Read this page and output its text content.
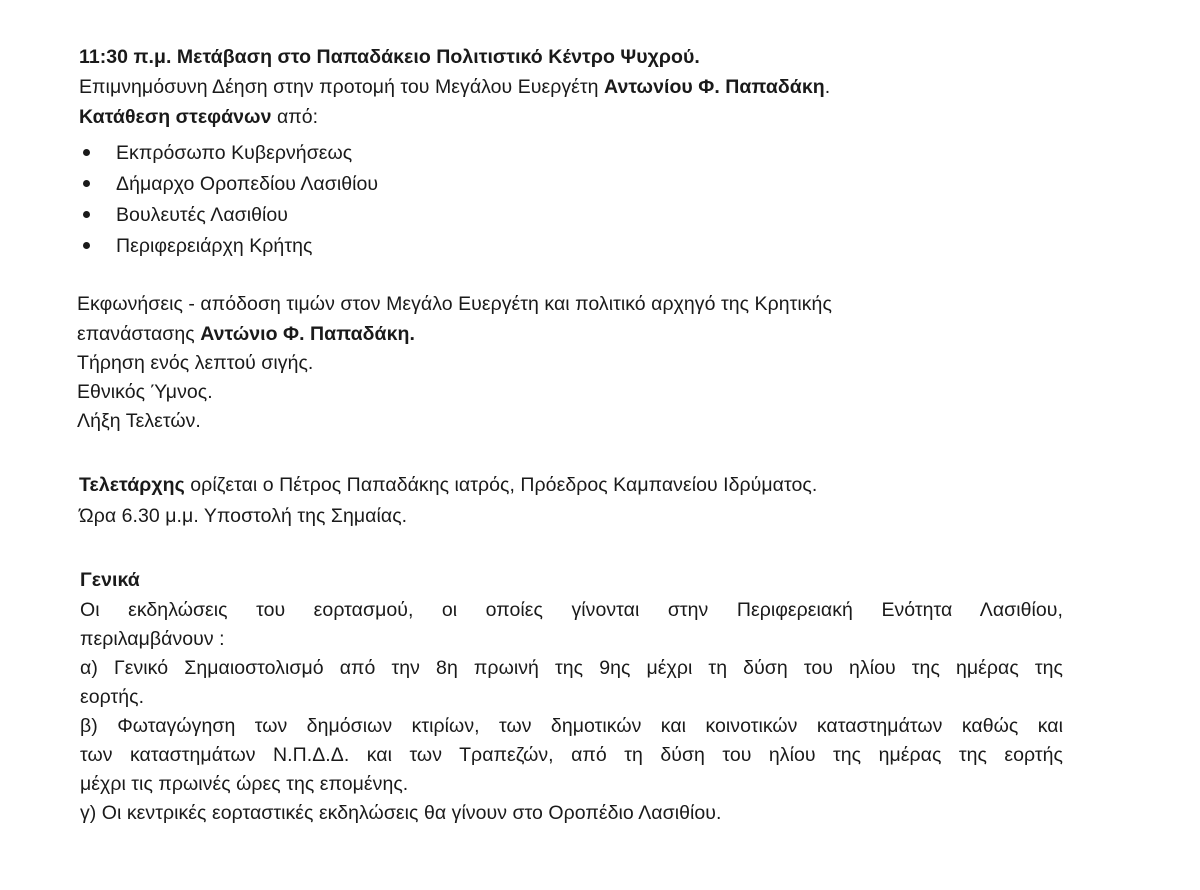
11:30 π.μ. Μετάβαση στο Παπαδάκειο Πολιτιστικό Κέντρο Ψυχρού.
Επιμνημόσυνη Δέηση στην προτομή του Μεγάλου Ευεργέτη Αντωνίου Φ. Παπαδάκη.
Κατάθεση στεφάνων από:
Εκπρόσωπο Κυβερνήσεως
Δήμαρχο Οροπεδίου Λασιθίου
Βουλευτές Λασιθίου
Περιφερειάρχη Κρήτης
Εκφωνήσεις - απόδοση τιμών στον Μεγάλο Ευεργέτη και πολιτικό αρχηγό της Κρητικής
επανάστασης Αντώνιο Φ. Παπαδάκη.
Τήρηση ενός λεπτού σιγής.
Εθνικός Ύμνος.
Λήξη Τελετών.
Τελετάρχης ορίζεται ο Πέτρος Παπαδάκης ιατρός, Πρόεδρος Καμπανείου Ιδρύματος.
Ώρα 6.30 μ.μ. Υποστολή της Σημαίας.
Γενικά
Οι εκδηλώσεις του εορτασμού, οι οποίες γίνονται στην Περιφερειακή Ενότητα Λασιθίου,
περιλαμβάνουν :
α) Γενικό Σημαιοστολισμό από την 8η πρωινή της 9ης μέχρι τη δύση του ηλίου της ημέρας της
εορτής.
β) Φωταγώγηση των δημόσιων κτιρίων, των δημοτικών και κοινοτικών καταστημάτων καθώς και
των καταστημάτων Ν.Π.Δ.Δ. και των Τραπεζών, από τη δύση του ηλίου της ημέρας της εορτής
μέχρι τις πρωινές ώρες της επομένης.
γ) Οι κεντρικές εορταστικές εκδηλώσεις θα γίνουν στο Οροπέδιο Λασιθίου.
